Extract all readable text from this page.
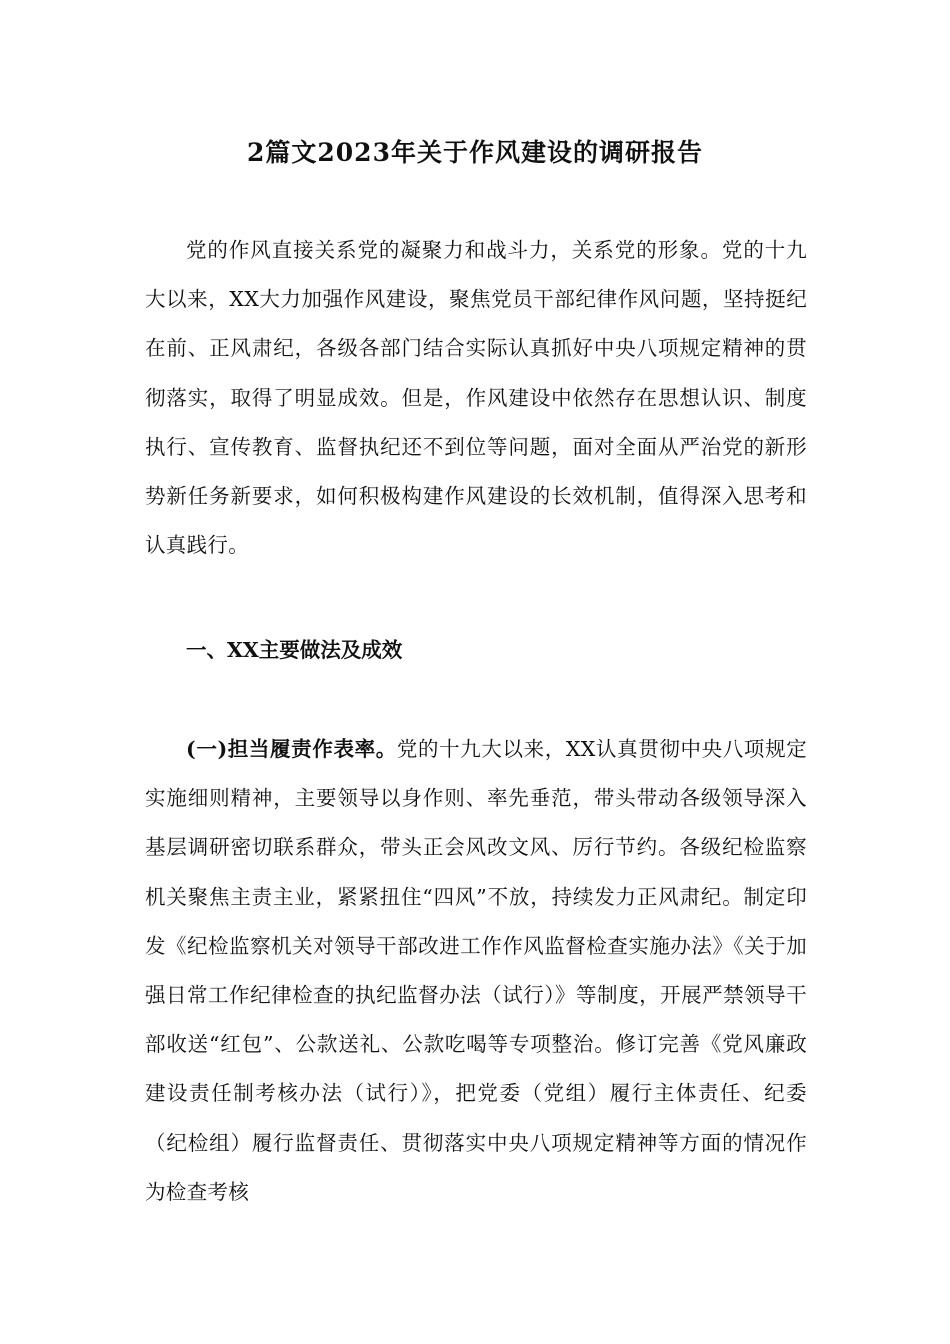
2篇文2023年关于作风建设的调研报告

党的作风直接关系党的凝聚力和战斗力，关系党的形象。党的十九大以来，XX大力加强作风建设，聚焦党员干部纪律作风问题，坚持挺纪在前、正风肃纪，各级各部门结合实际认真抓好中央八项规定精神的贯彻落实，取得了明显成效。但是，作风建设中依然存在思想认识、制度执行、宣传教育、监督执纪还不到位等问题，面对全面从严治党的新形势新任务新要求，如何积极构建作风建设的长效机制，值得深入思考和认真践行。

一、XX主要做法及成效

(一)担当履责作表率。党的十九大以来，XX认真贯彻中央八项规定实施细则精神，主要领导以身作则、率先垂范，带头带动各级领导深入基层调研密切联系群众，带头正会风改文风、厉行节约。各级纪检监察机关聚焦主责主业，紧紧扭住“四风”不放，持续发力正风肃纪。制定印发《纪检监察机关对领导干部改进工作作风监督检查实施办法》《关于加强日常工作纪律检查的执纪监督办法（试行）》等制度，开展严禁领导干部收送“红包”、公款送礼、公款吃喝等专项整治。修订完善《党风廉政建设责任制考核办法（试行）》，把党委（党组）履行主体责任、纪委（纪检组）履行监督责任、贯彻落实中央八项规定精神等方面的情况作为检查考核
